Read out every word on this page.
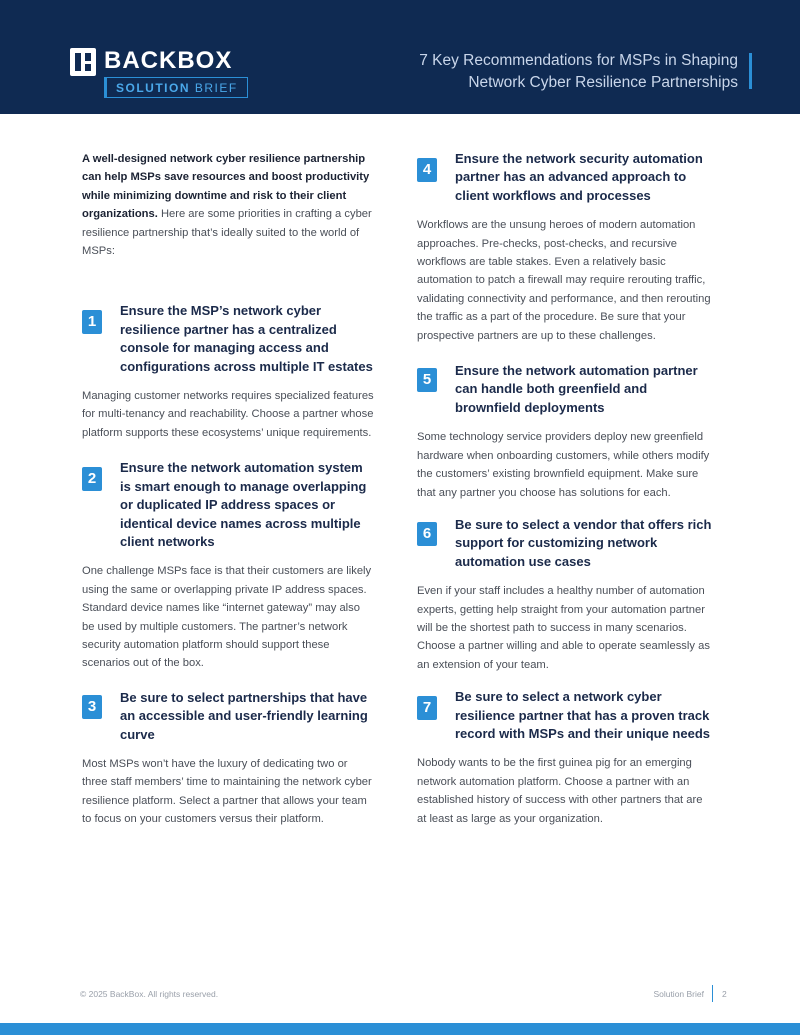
BACKBOX
SOLUTION BRIEF
7 Key Recommendations for MSPs in Shaping
Network Cyber Resilience Partnerships

A well-designed network cyber resilience partnership can help MSPs save resources and boost productivity while minimizing downtime and risk to their client organizations. Here are some priorities in crafting a cyber resilience partnership that’s ideally suited to the world of MSPs:

1
Ensure the MSP’s network cyber resilience partner has a centralized console for managing access and configurations across multiple IT estates

Managing customer networks requires specialized features for multi-tenancy and reachability. Choose a partner whose platform supports these ecosystems’ unique requirements.

2
Ensure the network automation system is smart enough to manage overlapping or duplicated IP address spaces or identical device names across multiple client networks

One challenge MSPs face is that their customers are likely using the same or overlapping private IP address spaces. Standard device names like “internet gateway” may also be used by multiple customers. The partner’s network security automation platform should support these scenarios out of the box.

3
Be sure to select partnerships that have an accessible and user-friendly learning curve

Most MSPs won’t have the luxury of dedicating two or three staff members’ time to maintaining the network cyber resilience platform. Select a partner that allows your team to focus on your customers versus their platform.

4
Ensure the network security automation partner has an advanced approach to client workflows and processes

Workflows are the unsung heroes of modern automation approaches. Pre-checks, post-checks, and recursive workflows are table stakes. Even a relatively basic automation to patch a firewall may require rerouting traffic, validating connectivity and performance, and then rerouting the traffic as a part of the procedure. Be sure that your prospective partners are up to these challenges.

5
Ensure the network automation partner can handle both greenfield and brownfield deployments

Some technology service providers deploy new greenfield hardware when onboarding customers, while others modify the customers’ existing brownfield equipment. Make sure that any partner you choose has solutions for each.

6
Be sure to select a vendor that offers rich support for customizing network automation use cases

Even if your staff includes a healthy number of automation experts, getting help straight from your automation partner will be the shortest path to success in many scenarios. Choose a partner willing and able to operate seamlessly as an extension of your team.

7
Be sure to select a network cyber resilience partner that has a proven track record with MSPs and their unique needs

Nobody wants to be the first guinea pig for an emerging network automation platform. Choose a partner with an established history of success with other partners that are at least as large as your organization.

© 2025 BackBox. All rights reserved.	Solution Brief 2
